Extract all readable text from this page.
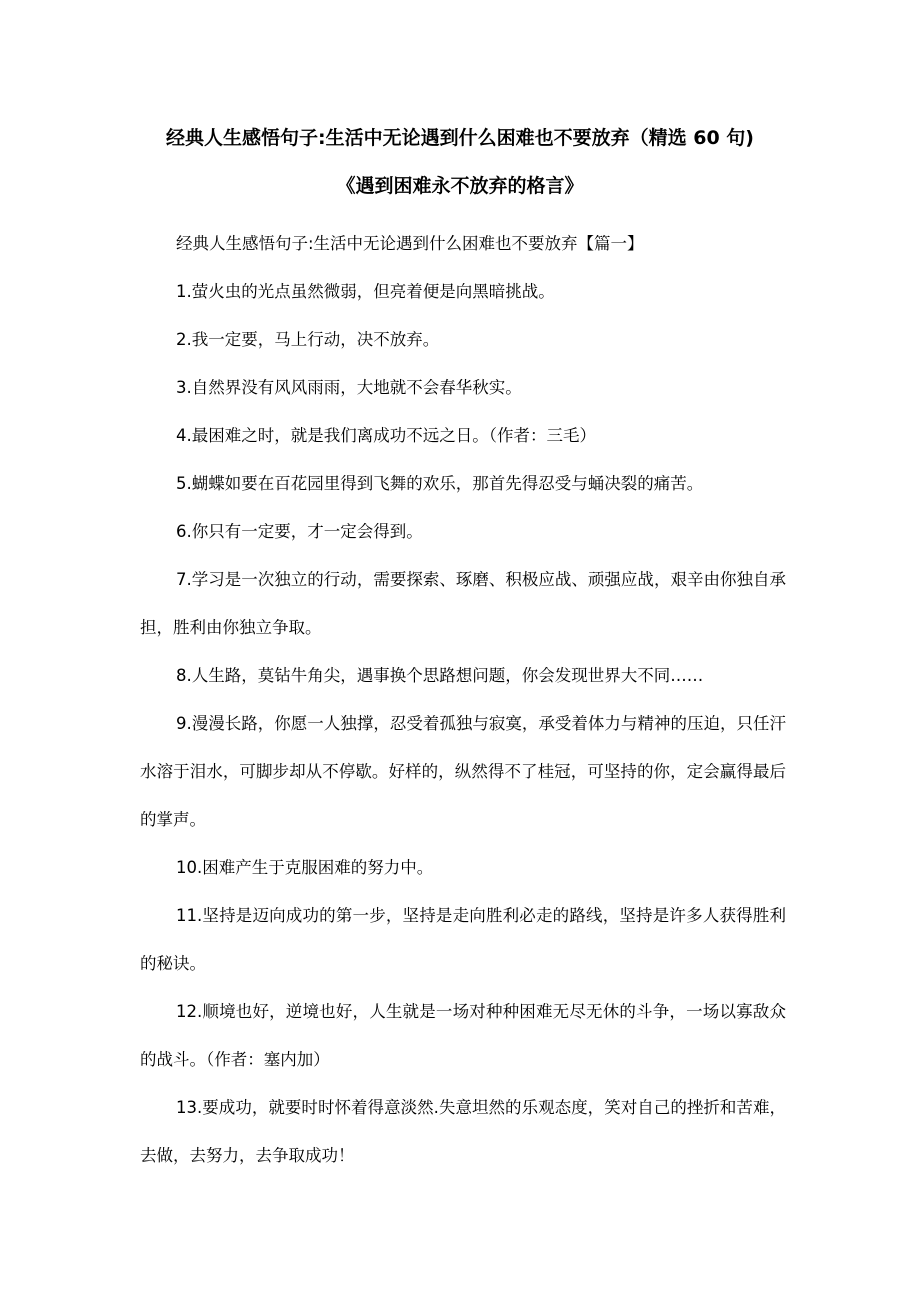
经典人生感悟句子:生活中无论遇到什么困难也不要放弃（精选 60 句)
《遇到困难永不放弃的格言》

经典人生感悟句子:生活中无论遇到什么困难也不要放弃【篇一】

1.萤火虫的光点虽然微弱，但亮着便是向黑暗挑战。

2.我一定要，马上行动，决不放弃。

3.自然界没有风风雨雨，大地就不会春华秋实。

4.最困难之时，就是我们离成功不远之日。（作者：三毛）

5.蝴蝶如要在百花园里得到飞舞的欢乐，那首先得忍受与蛹决裂的痛苦。

6.你只有一定要，才一定会得到。

7.学习是一次独立的行动，需要探索、琢磨、积极应战、顽强应战，艰辛由你独自承担，胜利由你独立争取。

8.人生路，莫钻牛角尖，遇事换个思路想问题，你会发现世界大不同……

9.漫漫长路，你愿一人独撑，忍受着孤独与寂寞，承受着体力与精神的压迫，只任汗水溶于泪水，可脚步却从不停歇。好样的，纵然得不了桂冠，可坚持的你，定会赢得最后的掌声。

10.困难产生于克服困难的努力中。

11.坚持是迈向成功的第一步，坚持是走向胜利必走的路线，坚持是许多人获得胜利的秘诀。

12.顺境也好，逆境也好，人生就是一场对种种困难无尽无休的斗争，一场以寡敌众的战斗。（作者：塞内加）

13.要成功，就要时时怀着得意淡然.失意坦然的乐观态度，笑对自己的挫折和苦难，去做，去努力，去争取成功！
